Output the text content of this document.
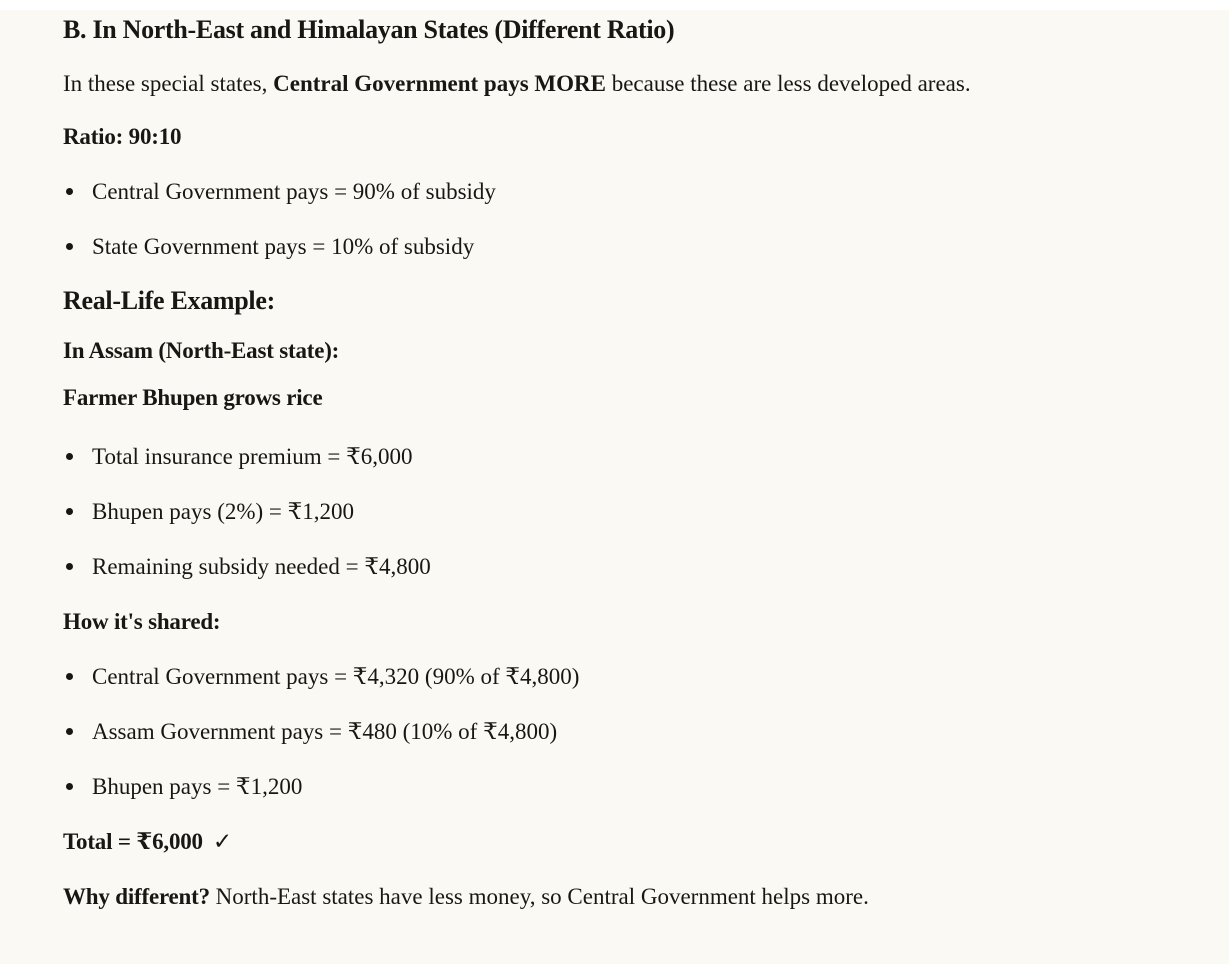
B. In North-East and Himalayan States (Different Ratio)

In these special states, Central Government pays MORE because these are less developed areas.

Ratio: 90:10

Central Government pays = 90% of subsidy
State Government pays = 10% of subsidy
Real-Life Example:

In Assam (North-East state):

Farmer Bhupen grows rice

Total insurance premium = ₹6,000
Bhupen pays (2%) = ₹1,200
Remaining subsidy needed = ₹4,800

How it's shared:

Central Government pays = ₹4,320 (90% of ₹4,800)
Assam Government pays = ₹480 (10% of ₹4,800)
Bhupen pays = ₹1,200

Total = ₹6,000 ✓

Why different? North-East states have less money, so Central Government helps more.
